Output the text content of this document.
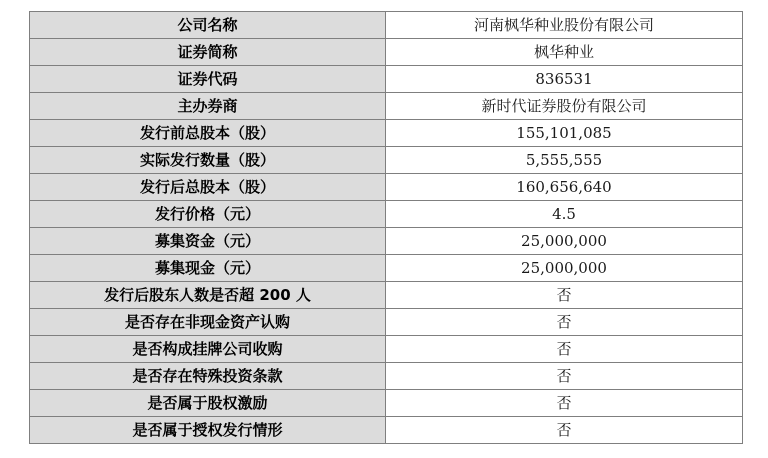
公司名称	河南枫华种业股份有限公司
证券简称	枫华种业
证券代码	836531
主办券商	新时代证券股份有限公司
发行前总股本（股）	155,101,085
实际发行数量（股）	5,555,555
发行后总股本（股）	160,656,640
发行价格（元）	4.5
募集资金（元）	25,000,000
募集现金（元）	25,000,000
发行后股东人数是否超 200 人	否
是否存在非现金资产认购	否
是否构成挂牌公司收购	否
是否存在特殊投资条款	否
是否属于股权激励	否
是否属于授权发行情形	否
